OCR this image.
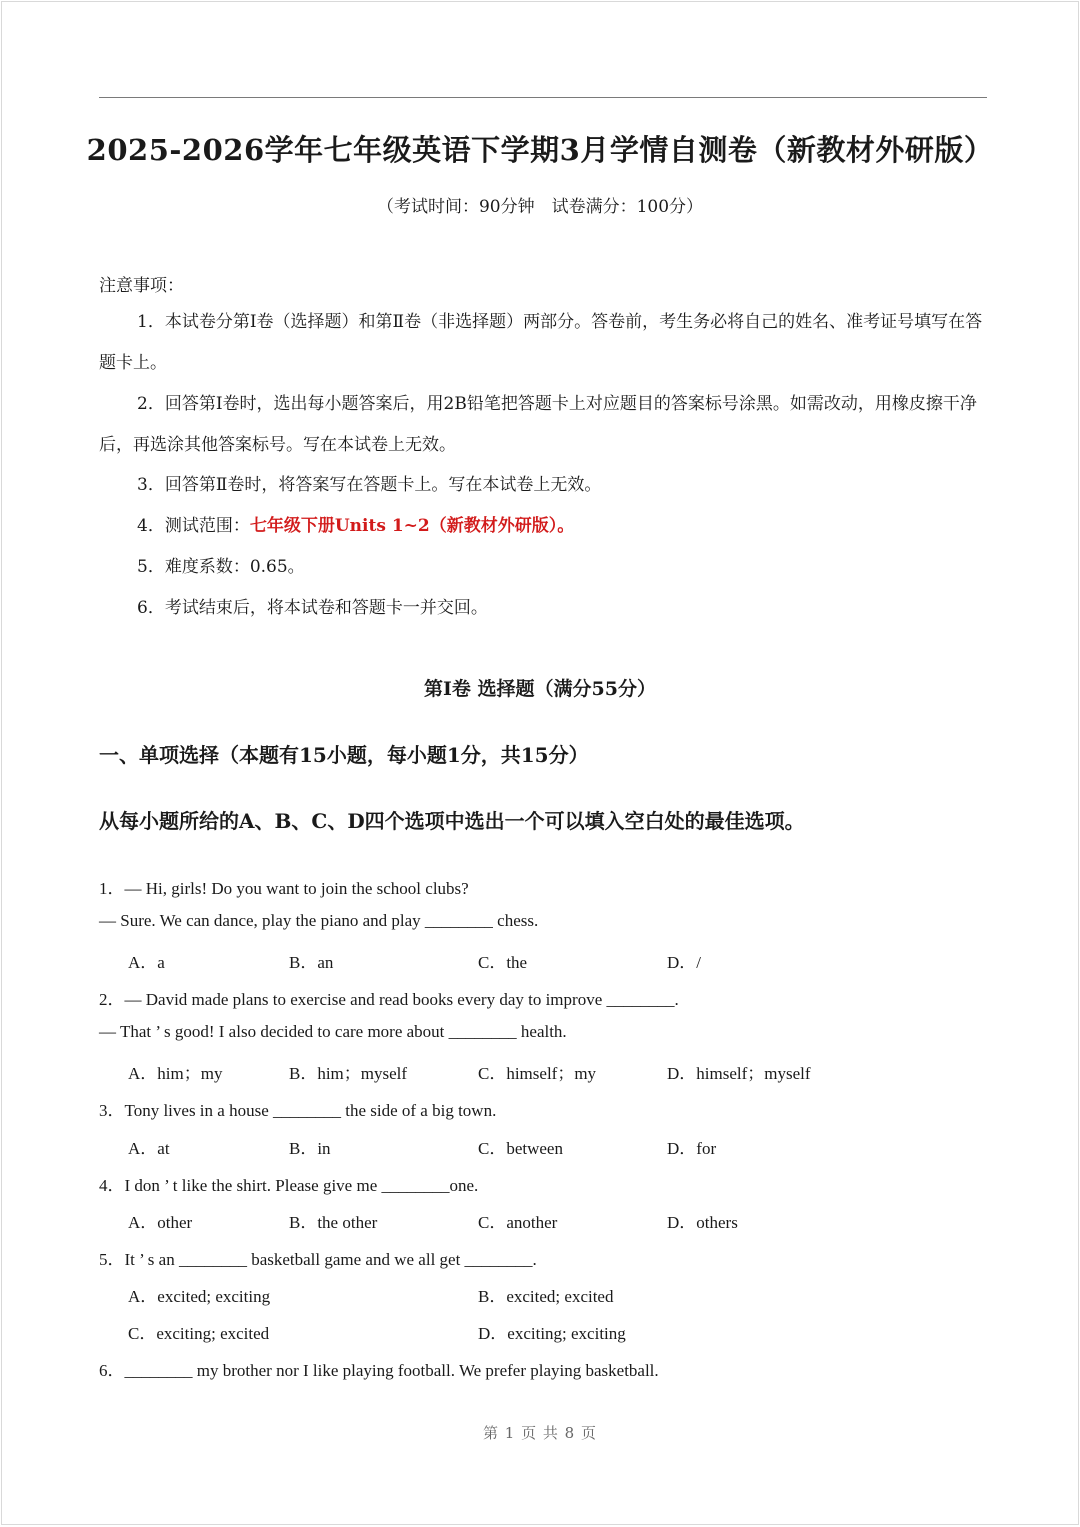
2025-2026学年七年级英语下学期3月学情自测卷（新教材外研版）
（考试时间：90分钟　试卷满分：100分）
注意事项：
1．本试卷分第Ⅰ卷（选择题）和第Ⅱ卷（非选择题）两部分。答卷前，考生务必将自己的姓名、准考证号填写在答题卡上。
2．回答第Ⅰ卷时，选出每小题答案后，用2B铅笔把答题卡上对应题目的答案标号涂黑。如需改动，用橡皮擦干净后，再选涂其他答案标号。写在本试卷上无效。
3．回答第Ⅱ卷时，将答案写在答题卡上。写在本试卷上无效。
4．测试范围：七年级下册Units 1~2（新教材外研版）。
5．难度系数：0.65。
6．考试结束后，将本试卷和答题卡一并交回。
第Ⅰ卷 选择题（满分55分）
一、单项选择（本题有15小题，每小题1分，共15分）
从每小题所给的A、B、C、D四个选项中选出一个可以填入空白处的最佳选项。
1．— Hi, girls! Do you want to join the school clubs?
— Sure. We can dance, play the piano and play ________ chess.
A．a	B．an	C．the	D．/
2．— David made plans to exercise and read books every day to improve ________.
— That ’ s good! I also decided to care more about ________ health.
A．him；my	B．him；myself	C．himself；my	D．himself；myself
3．Tony lives in a house ________ the side of a big town.
A．at	B．in	C．between	D．for
4．I don ’ t like the shirt. Please give me ________one.
A．other	B．the other	C．another	D．others
5．It ’ s an ________ basketball game and we all get ________.
A．excited; exciting	B．excited; excited
C．exciting; excited	D．exciting; exciting
6．________ my brother nor I like playing football. We prefer playing basketball.
第 1 页 共 8 页
